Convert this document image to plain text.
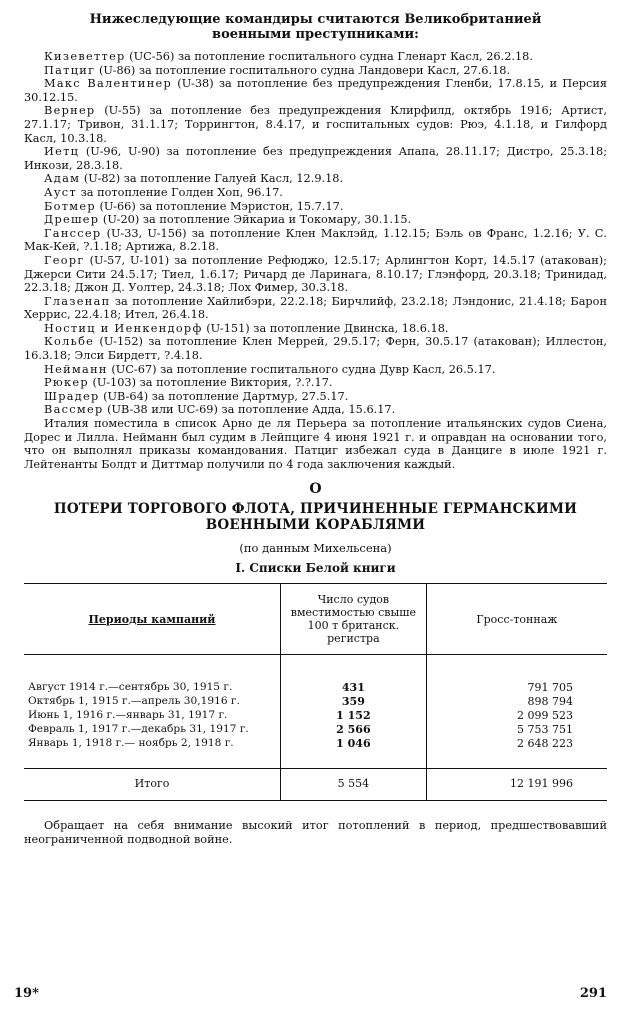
Нижеследующие командиры считаются Великобританией военными преступниками:

Кизеветтер (UC-56) за потопление госпитального судна Гленарт Касл, 26.2.18.

Патциг (U-86) за потопление госпитального судна Ландовери Касл, 27.6.18.

Макс Валентинер (U-38) за потопление без предупреждения Гленби, 17.8.15, и Персия 30.12.15.

Вернер (U-55) за потопление без предупреждения Клирфилд, октябрь 1916; Артист, 27.1.17; Тривон, 31.1.17; Торрингтон, 8.4.17, и госпитальных судов: Рюэ, 4.1.18, и Гилфорд Касл, 10.3.18.

Иетц (U-96, U-90) за потопление без предупреждения Апапа, 28.11.17; Дистро, 25.3.18; Инкози, 28.3.18.

Адам (U-82) за потопление Галуей Касл, 12.9.18.

Ауст за потопление Голден Хоп, 96.17.

Ботмер (U-66) за потопление Мэристон, 15.7.17.

Дрешер (U-20) за потопление Эйкариа и Токомару, 30.1.15.

Ганссер (U-33, U-156) за потопление Клен Маклэйд, 1.12.15; Бэль ов Франс, 1.2.16; У. С. Мак-Кей, ?.1.18; Артижа, 8.2.18.

Георг (U-57, U-101) за потопление Рефюджо, 12.5.17; Арлингтон Корт, 14.5.17 (атакован); Джерси Сити 24.5.17; Тиел, 1.6.17; Ричард де Ларинага, 8.10.17; Глэнфорд, 20.3.18; Тринидад, 22.3.18; Джон Д. Уолтер, 24.3.18; Лох Фимер, 30.3.18.

Глазенап за потопление Хайлибэри, 22.2.18; Бирчлийф, 23.2.18; Лэндонис, 21.4.18; Барон Херрис, 22.4.18; Ител, 26.4.18.

Ностиц и Иенкендорф (U-151) за потопление Двинска, 18.6.18.

Кольбе (U-152) за потопление Клен Меррей, 29.5.17; Ферн, 30.5.17 (атакован); Иллестон, 16.3.18; Элси Бирдетт, ?.4.18.

Нейманн (UC-67) за потопление госпитального судна Дувр Касл, 26.5.17.

Рюкер (U-103) за потопление Виктория, ?.?.17.

Шрадер (UB-64) за потопление Дартмур, 27.5.17.

Вассмер (UB-38 или UC-69) за потопление Адда, 15.6.17.

Италия поместила в список Арно де ля Перьера за потопление итальянских судов Сиена, Дорес и Лилла. Нейманн был судим в Лейпциге 4 июня 1921 г. и оправдан на основании того, что он выполнял приказы командования. Патциг избежал суда в Данциге в июле 1921 г. Лейтенанты Болдт и Диттмар получили по 4 года заключения каждый.

О
ПОТЕРИ ТОРГОВОГО ФЛОТА, ПРИЧИНЕННЫЕ ГЕРМАНСКИМИ ВОЕННЫМИ КОРАБЛЯМИ
(по данным Михельсена)
I. Списки Белой книги
Периоды кампаний	Число судов вместимостью свыше 100 т британск. регистра	Гросс-тоннаж
Август 1914 г.—сентябрь 30, 1915 г.	431	791 705
Октябрь 1, 1915 г.—апрель 30,1916 г.	359	898 794
Июнь 1, 1916 г.—январь 31, 1917 г.	1 152	2 099 523
Февраль 1, 1917 г.—декабрь 31, 1917 г.	2 566	5 753 751
Январь 1, 1918 г.— ноябрь 2, 1918 г.	1 046	2 648 223
Итого	5 554	12 191 996

Обращает на себя внимание высокий итог потоплений в период, предшествовавший неограниченной подводной войне.

19*	291
